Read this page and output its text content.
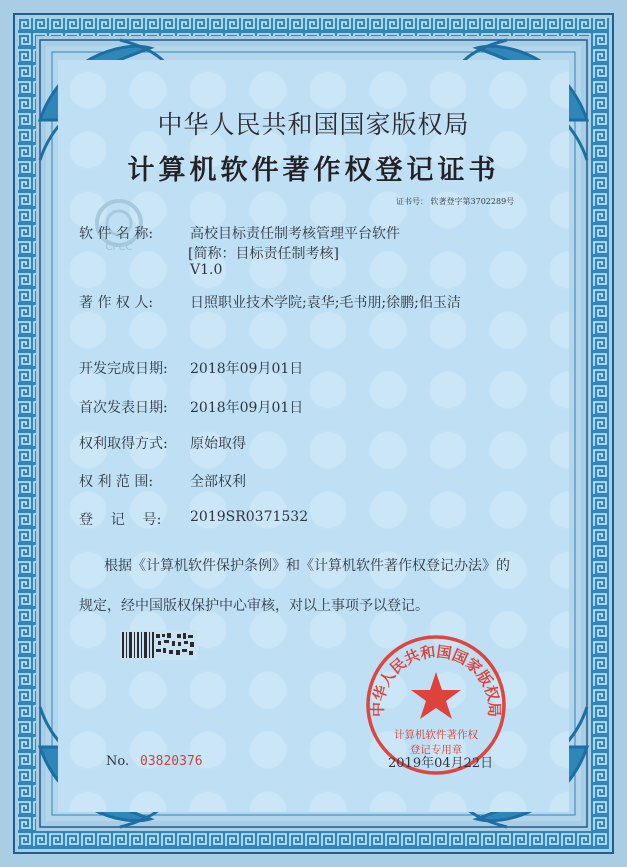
CPCC
中华人民共和国国家版权局
计算机软件著作权登记证书
证书号： 软著登字第3702289号
软 件 名 称:	高校目标责任制考核管理平台软件
[简称：目标责任制考核]
V1.0
著 作 权 人:	日照职业技术学院;袁华;毛书朋;徐鹏;佀玉洁
开发完成日期: 2018年09月01日
首次发表日期: 2018年09月01日
权利取得方式: 原始取得
权 利 范 围:	全部权利
登    记    号: 2019SR0371532
根据《计算机软件保护条例》和《计算机软件著作权登记办法》的
规定，经中国版权保护中心审核，对以上事项予以登记。
中华人民共和国国家版权局
计算机软件著作权
登记专用章
No. 03820376	2019年04月22日
